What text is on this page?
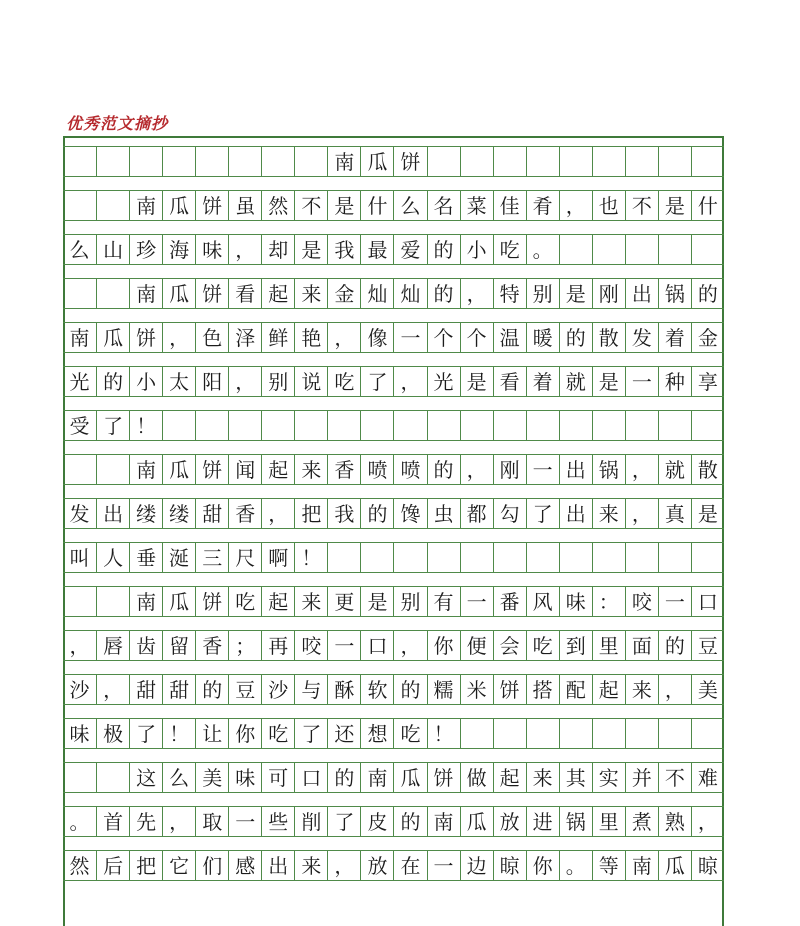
优秀范文摘抄
南 瓜 饼
南 瓜 饼 虽 然 不 是 什 么 名 菜 佳 肴 ， 也 不 是 什
么 山 珍 海 味 ， 却 是 我 最 爱 的 小 吃 。
南 瓜 饼 看 起 来 金 灿 灿 的 ， 特 别 是 刚 出 锅 的
南 瓜 饼 ， 色 泽 鲜 艳 ， 像 一 个 个 温 暖 的 散 发 着 金
光 的 小 太 阳 ， 别 说 吃 了 ， 光 是 看 着 就 是 一 种 享
受 了 ！
南 瓜 饼 闻 起 来 香 喷 喷 的 ， 刚 一 出 锅 ， 就 散
发 出 缕 缕 甜 香 ， 把 我 的 馋 虫 都 勾 了 出 来 ， 真 是
叫 人 垂 涎 三 尺 啊 ！
南 瓜 饼 吃 起 来 更 是 别 有 一 番 风 味 ： 咬 一 口
， 唇 齿 留 香 ； 再 咬 一 口 ， 你 便 会 吃 到 里 面 的 豆
沙 ， 甜 甜 的 豆 沙 与 酥 软 的 糯 米 饼 搭 配 起 来 ， 美
味 极 了 ！ 让 你 吃 了 还 想 吃 ！
这 么 美 味 可 口 的 南 瓜 饼 做 起 来 其 实 并 不 难
。 首 先 ， 取 一 些 削 了 皮 的 南 瓜 放 进 锅 里 煮 熟 ，
然 后 把 它 们 感 出 来 ， 放 在 一 边 晾 你 。 等 南 瓜 晾
